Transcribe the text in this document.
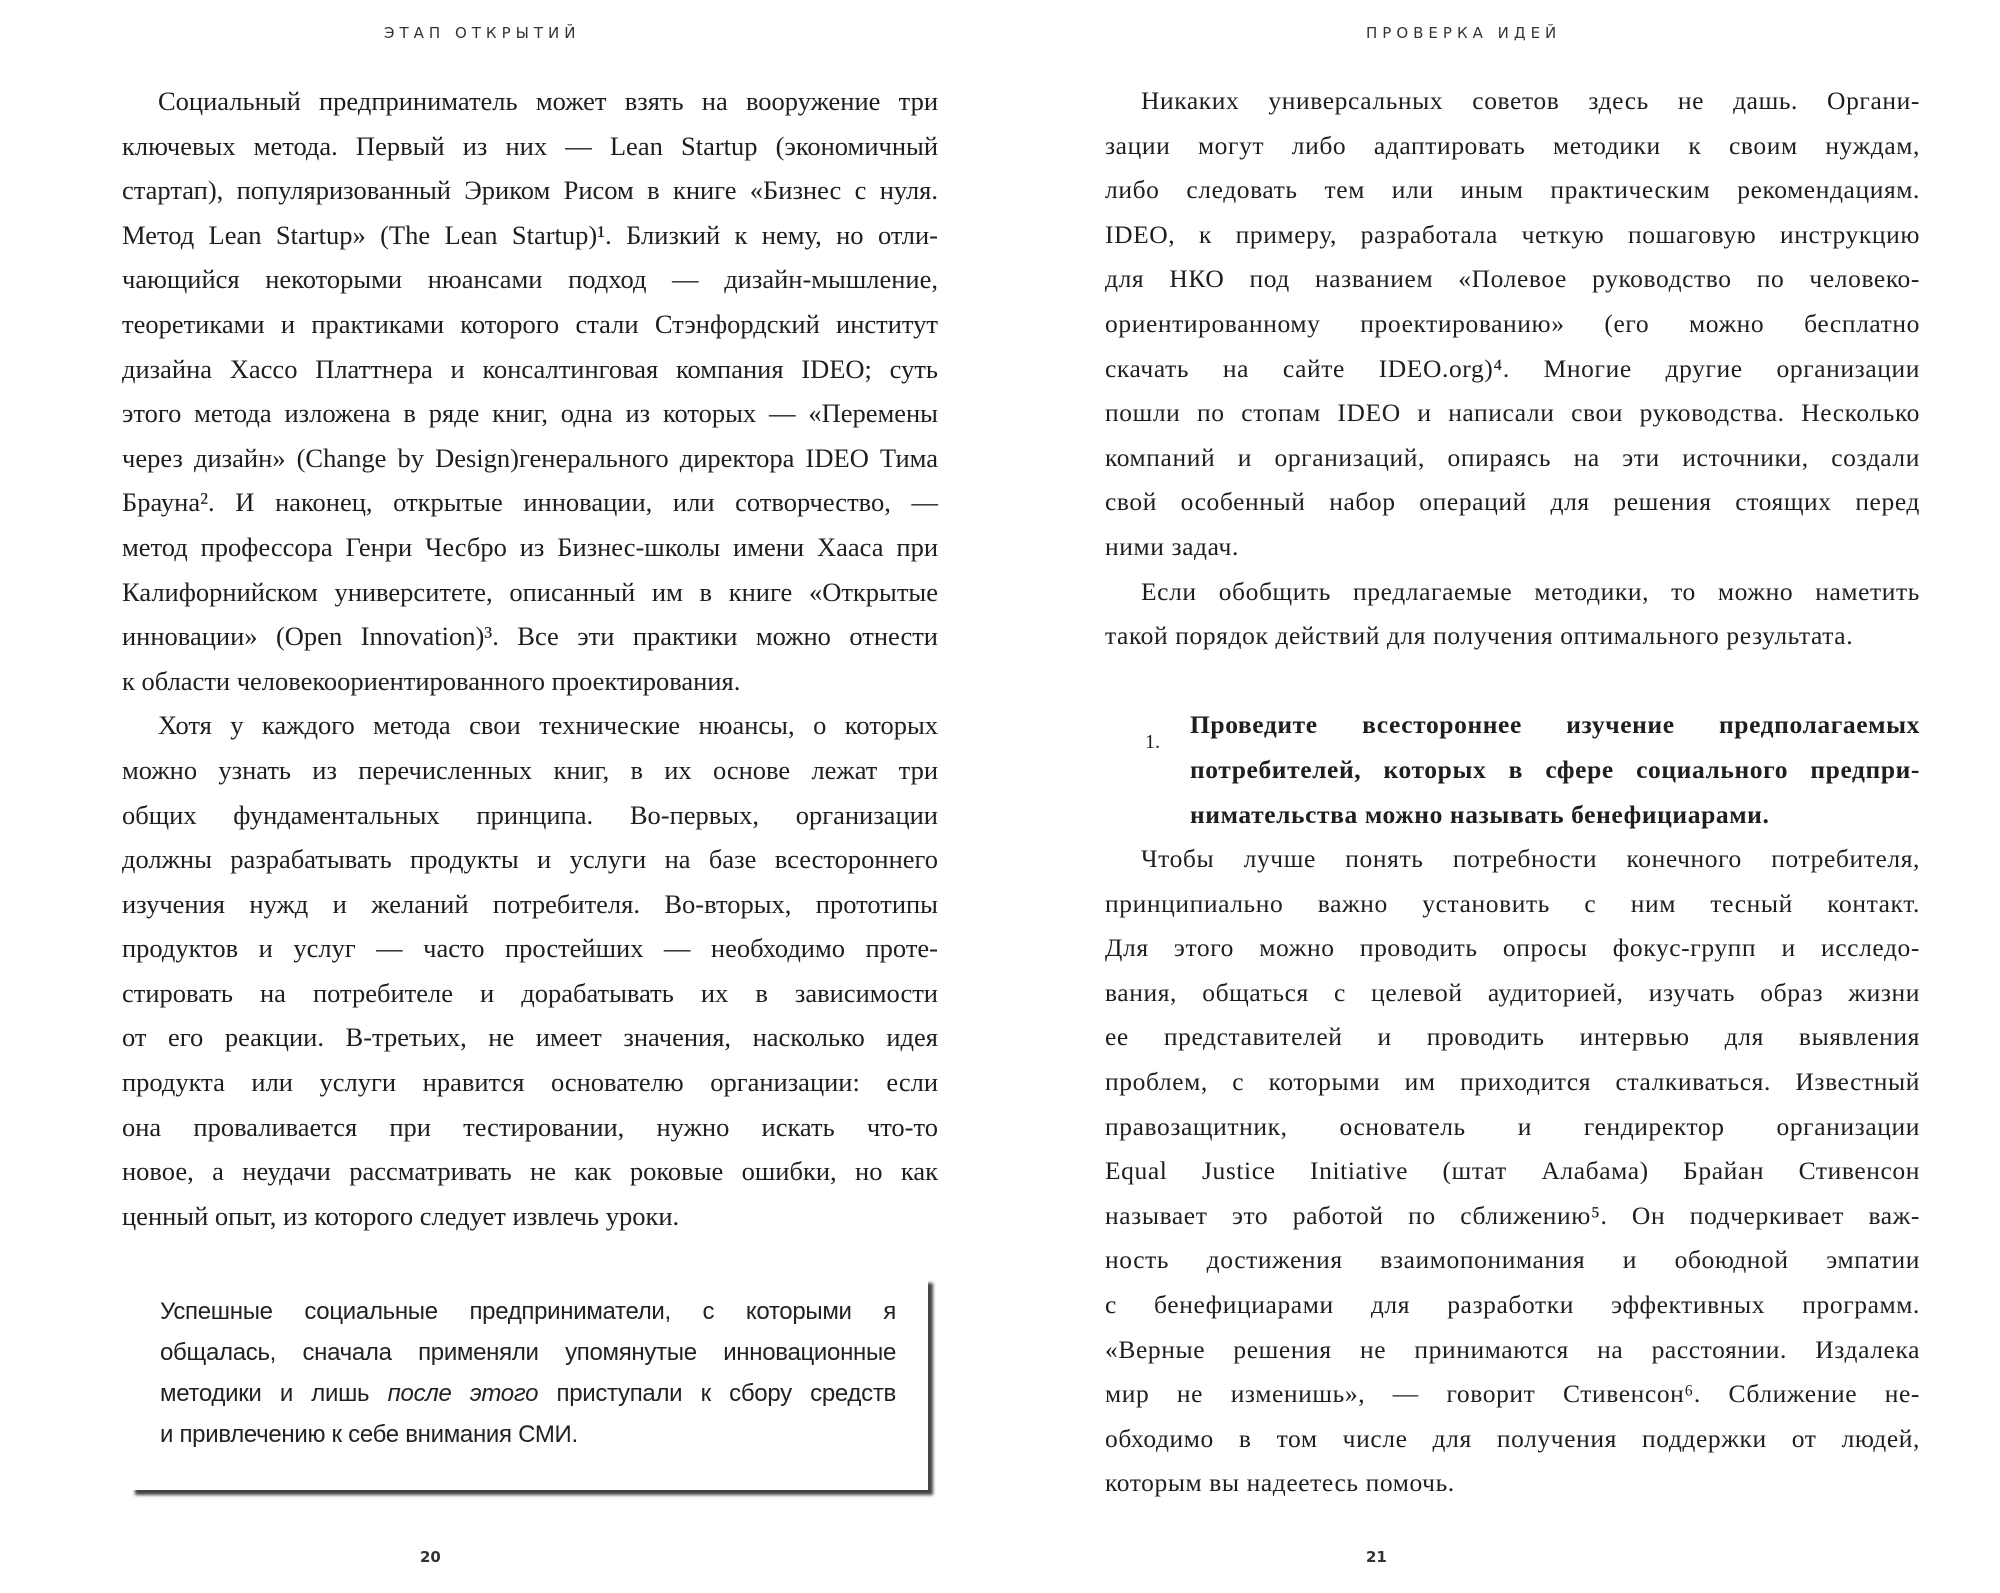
ЭТАП ОТКРЫТИЙ	ПРОВЕРКА ИДЕЙ
Социальный предприниматель может взять на вооружение три
ключевых метода. Первый из них — Lean Startup (экономичный
стартап), популяризованный Эриком Рисом в книге «Бизнес с нуля.
Метод Lean Startup» (The Lean Startup)¹. Близкий к нему, но отли-
чающийся некоторыми нюансами подход — дизайн-мышление,
теоретиками и практиками которого стали Стэнфордский институт
дизайна Хассо Платтнера и консалтинговая компания IDEO; суть
этого метода изложена в ряде книг, одна из которых — «Перемены
через дизайн» (Change by Design)генерального директора IDEO Тима
Брауна². И наконец, открытые инновации, или сотворчество, —
метод профессора Генри Чесбро из Бизнес-школы имени Хааса при
Калифорнийском университете, описанный им в книге «Открытые
инновации» (Open Innovation)³. Все эти практики можно отнести
к области человекоориентированного проектирования.
Хотя у каждого метода свои технические нюансы, о которых
можно узнать из перечисленных книг, в их основе лежат три
общих фундаментальных принципа. Во-первых, организации
должны разрабатывать продукты и услуги на базе всестороннего
изучения нужд и желаний потребителя. Во-вторых, прототипы
продуктов и услуг — часто простейших — необходимо проте-
стировать на потребителе и дорабатывать их в зависимости
от его реакции. В-третьих, не имеет значения, насколько идея
продукта или услуги нравится основателю организации: если
она проваливается при тестировании, нужно искать что-то
новое, а неудачи рассматривать не как роковые ошибки, но как
ценный опыт, из которого следует извлечь уроки.
Успешные социальные предприниматели, с которыми я
общалась, сначала применяли упомянутые инновационные
методики и лишь после этого приступали к сбору средств
и привлечению к себе внимания СМИ.
Никаких универсальных советов здесь не дашь. Органи-
зации могут либо адаптировать методики к своим нуждам,
либо следовать тем или иным практическим рекомендациям.
IDEO, к примеру, разработала четкую пошаговую инструкцию
для НКО под названием «Полевое руководство по человеко-
ориентированному проектированию» (его можно бесплатно
скачать на сайте IDEO.org)⁴. Многие другие организации
пошли по стопам IDEO и написали свои руководства. Несколько
компаний и организаций, опираясь на эти источники, создали
свой особенный набор операций для решения стоящих перед
ними задач.
Если обобщить предлагаемые методики, то можно наметить
такой порядок действий для получения оптимального результата.
Проведите всестороннее изучение предполагаемых
потребителей, которых в сфере социального предпри-
нимательства можно называть бенефициарами.
Чтобы лучше понять потребности конечного потребителя,
принципиально важно установить с ним тесный контакт.
Для этого можно проводить опросы фокус-групп и исследо-
вания, общаться с целевой аудиторией, изучать образ жизни
ее представителей и проводить интервью для выявления
проблем, с которыми им приходится сталкиваться. Известный
правозащитник, основатель и гендиректор организации
Equal Justice Initiative (штат Алабама) Брайан Стивенсон
называет это работой по сближению⁵. Он подчеркивает важ-
ность достижения взаимопонимания и обоюдной эмпатии
с бенефициарами для разработки эффективных программ.
«Верные решения не принимаются на расстоянии. Издалека
мир не изменишь», — говорит Стивенсон⁶. Сближение не-
обходимо в том числе для получения поддержки от людей,
которым вы надеетесь помочь.
1.
20	21
